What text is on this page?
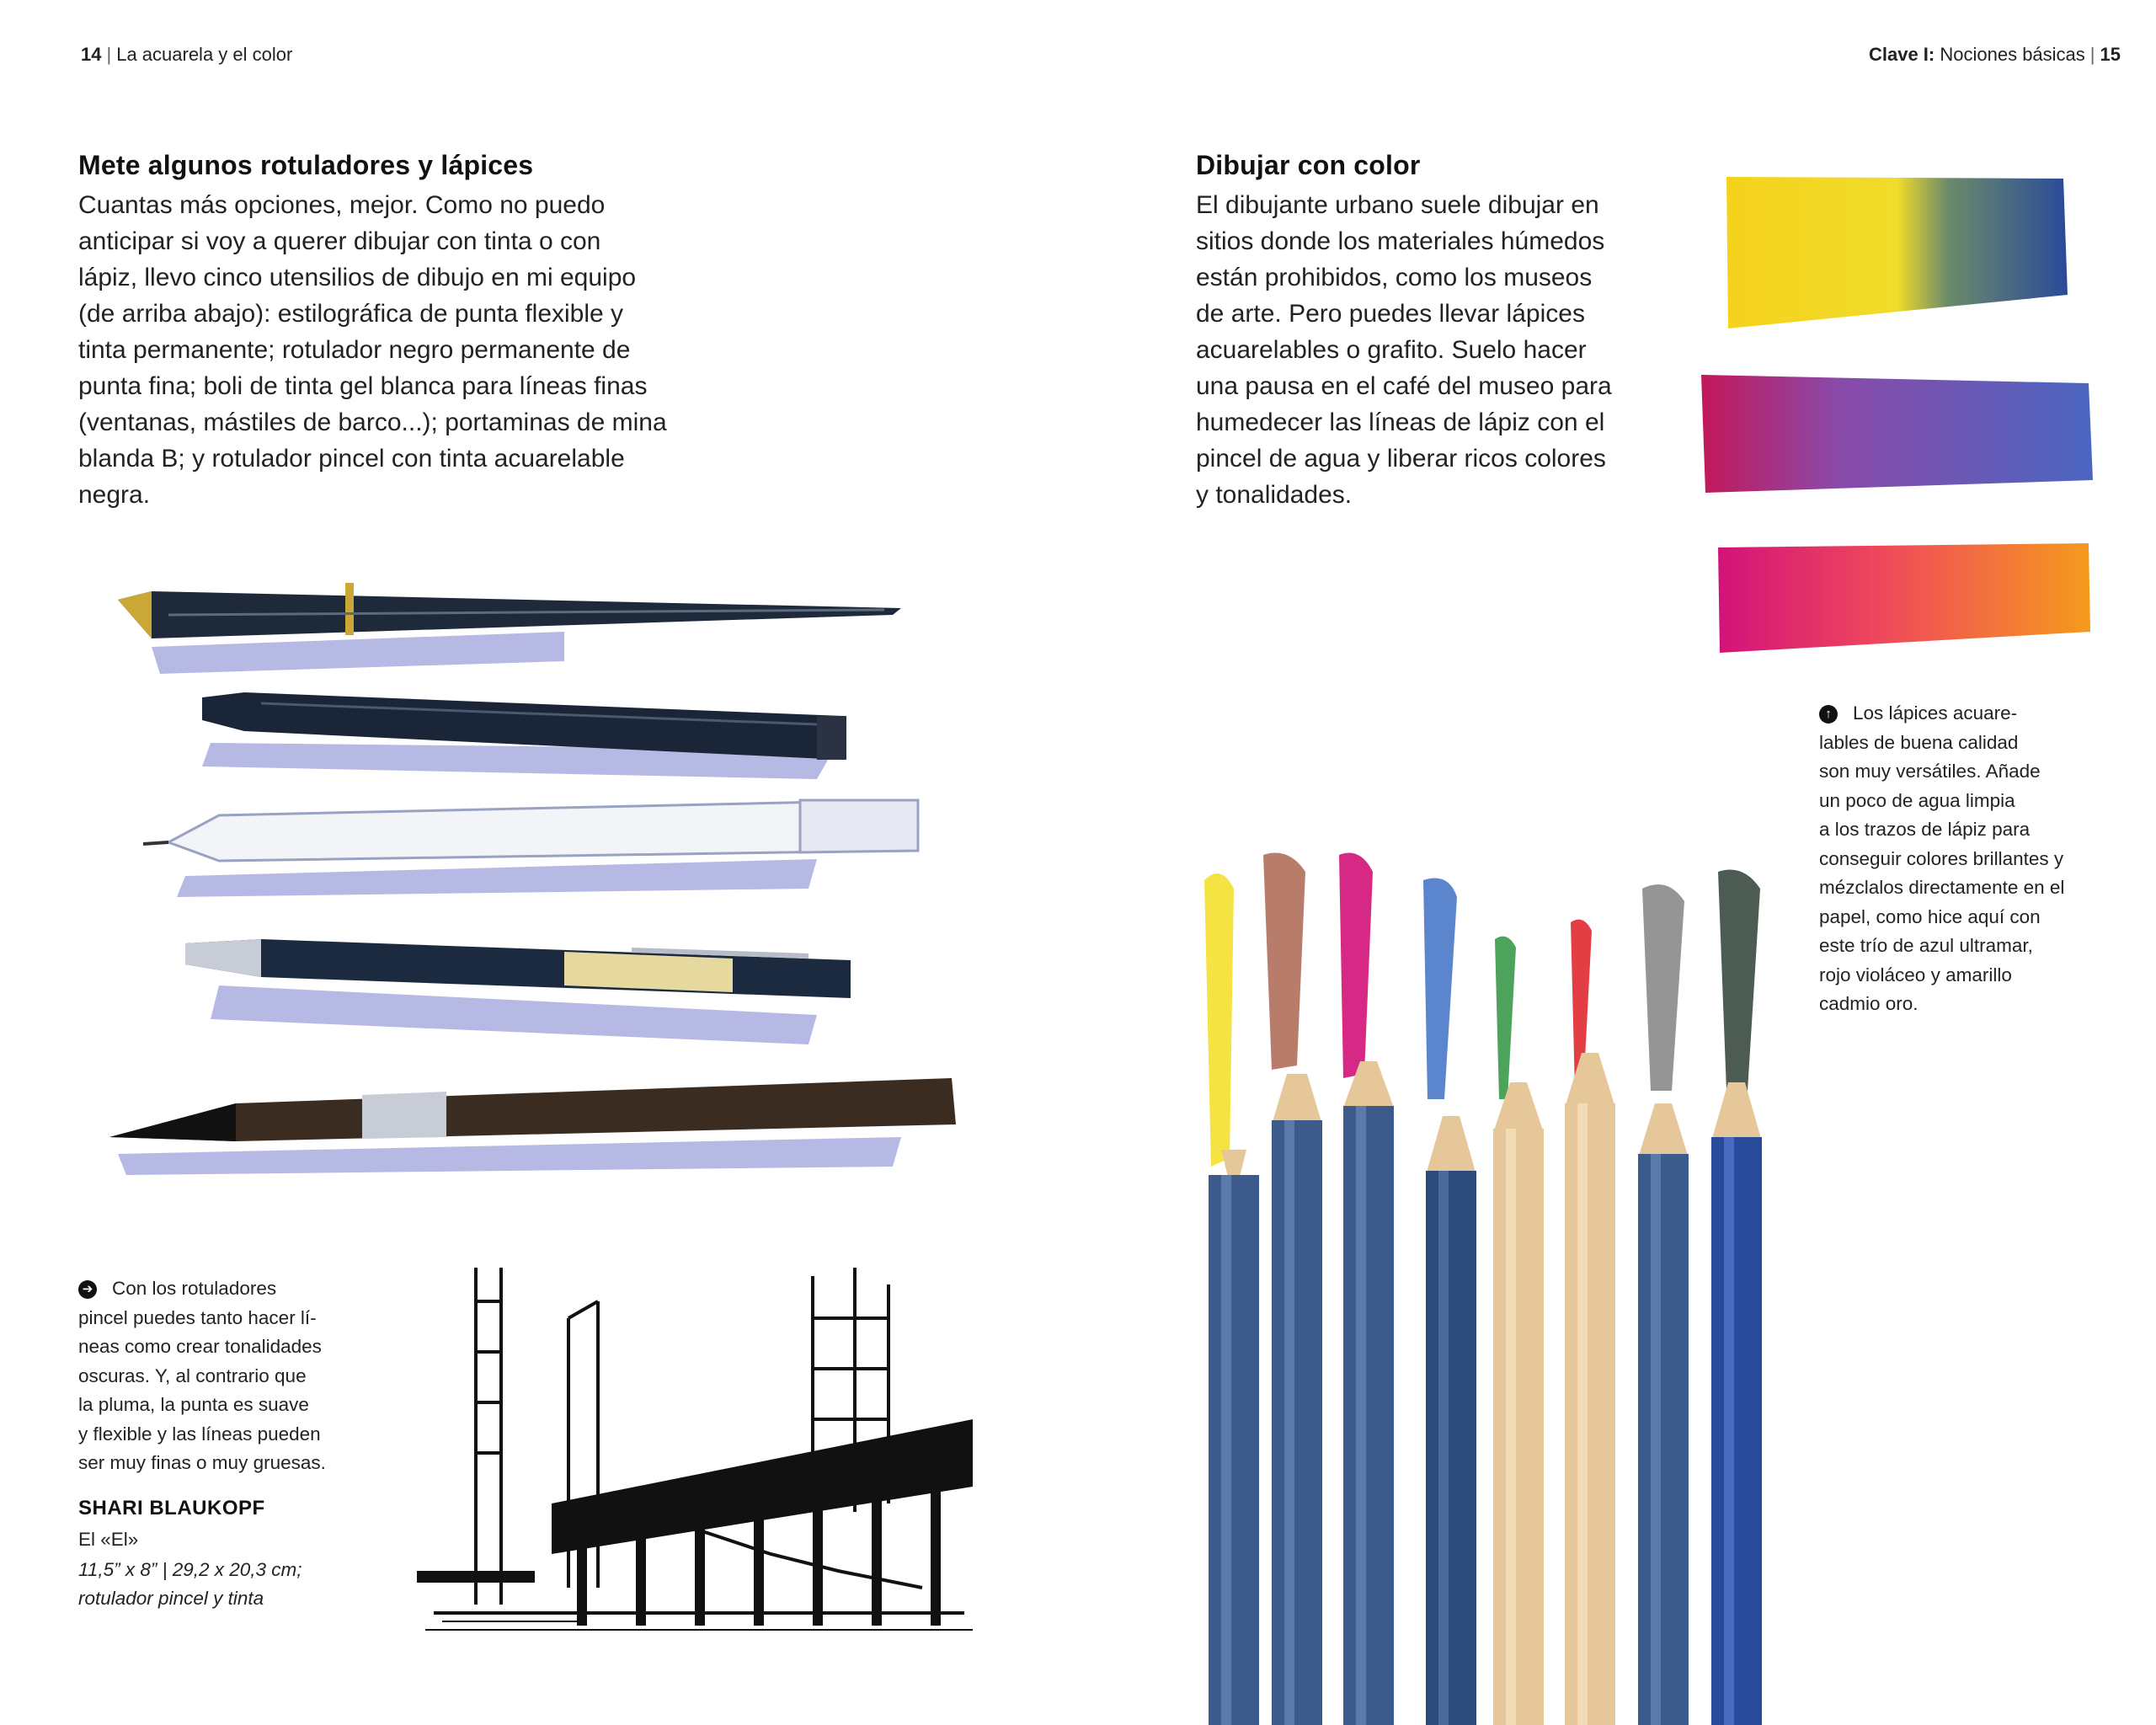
14 | La acuarela y el color	Clave I: Nociones básicas | 15
Mete algunos rotuladores y lápices

Cuantas más opciones, mejor. Como no puedo
anticipar si voy a querer dibujar con tinta o con
lápiz, llevo cinco utensilios de dibujo en mi equipo
(de arriba abajo): estilográfica de punta flexible y
tinta permanente; rotulador negro permanente de
punta fina; boli de tinta gel blanca para líneas finas
(ventanas, mástiles de barco...); portaminas de mina
blanda B; y rotulador pincel con tinta acuarelable
negra.

Dibujar con color

El dibujante urbano suele dibujar en
sitios donde los materiales húmedos
están prohibidos, como los museos
de arte. Pero puedes llevar lápices
acuarelables o grafito. Suelo hacer
una pausa en el café del museo para
humedecer las líneas de lápiz con el
pincel de agua y liberar ricos colores
y tonalidades.

➔ Con los rotuladores
pincel puedes tanto hacer lí-
neas como crear tonalidades
oscuras. Y, al contrario que
la pluma, la punta es suave
y flexible y las líneas pueden
ser muy finas o muy gruesas.

SHARI BLAUKOPF
El «El»
11,5” x 8” | 29,2 x 20,3 cm;
rotulador pincel y tinta

↑ Los lápices acuare-
lables de buena calidad
son muy versátiles. Añade
un poco de agua limpia
a los trazos de lápiz para
conseguir colores brillantes y
mézclalos directamente en el
papel, como hice aquí con
este trío de azul ultramar,
rojo violáceo y amarillo
cadmio oro.
